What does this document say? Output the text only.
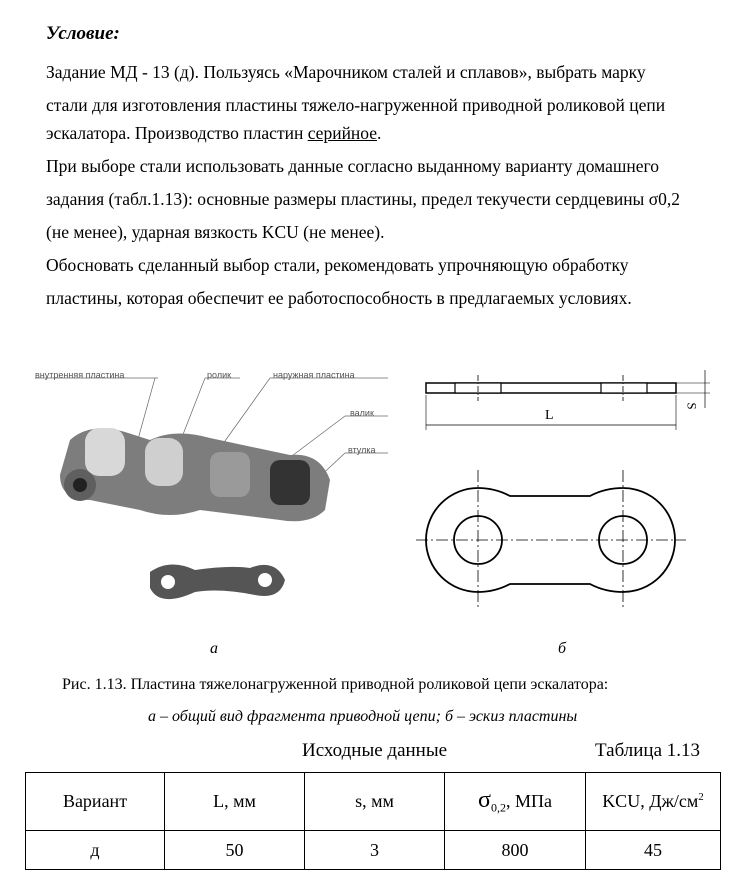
Условие:
Задание МД - 13 (д). Пользуясь «Марочником сталей и сплавов», выбрать марку
стали для изготовления пластины тяжело-нагруженной приводной роликовой цепи
эскалатора. Производство пластин серийное.
При выборе стали использовать данные согласно выданному варианту домашнего
задания (табл.1.13): основные размеры пластины, предел текучести сердцевины σ0,2
(не менее), ударная вязкость KCU (не менее).
Обосновать сделанный выбор стали, рекомендовать упрочняющую обработку
пластины, которая обеспечит ее работоспособность в предлагаемых условиях.
внутренняя пластина	ролик	наружная пластина
валик
втулка
L
S
а	б
Рис. 1.13. Пластина тяжелонагруженной приводной роликовой цепи эскалатора:
а – общий вид фрагмента приводной цепи; б – эскиз пластины
Исходные данные	Таблица 1.13
Вариант	L, мм	s, мм	$\sigma_{0,2}$, МПа	KCU, $Дж/см^2$
д	50	3	800	45
